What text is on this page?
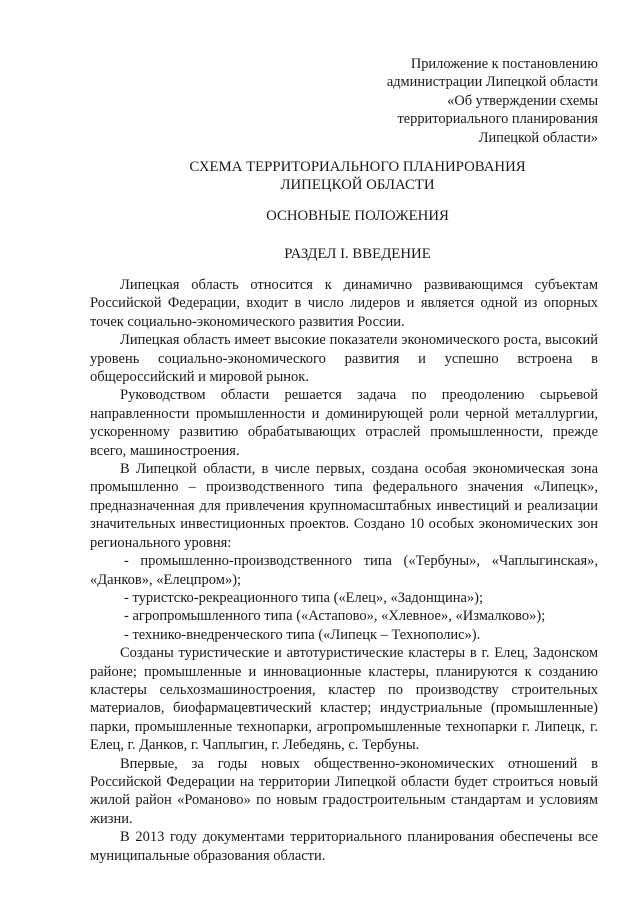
Приложение к постановлению
администрации Липецкой области
«Об утверждении схемы
территориального планирования
Липецкой области»
СХЕМА ТЕРРИТОРИАЛЬНОГО ПЛАНИРОВАНИЯ
ЛИПЕЦКОЙ ОБЛАСТИ
ОСНОВНЫЕ ПОЛОЖЕНИЯ
РАЗДЕЛ I. ВВЕДЕНИЕ

Липецкая область относится к динамично развивающимся субъектам Российской Федерации, входит в число лидеров и является одной из опорных точек социально-экономического развития России.

Липецкая область имеет высокие показатели экономического роста, высокий уровень социально-экономического развития и успешно встроена в общероссийский и мировой рынок.

Руководством области решается задача по преодолению сырьевой направленности промышленности и доминирующей роли черной металлургии, ускоренному развитию обрабатывающих отраслей промышленности, прежде всего, машиностроения.

В Липецкой области, в числе первых, создана особая экономическая зона промышленно – производственного типа федерального значения «Липецк», предназначенная для привлечения крупномасштабных инвестиций и реализации значительных инвестиционных проектов. Создано 10 особых экономических зон регионального уровня:

- промышленно-производственного типа («Тербуны», «Чаплыгинская», «Данков», «Елецпром»);

- туристско-рекреационного типа («Елец», «Задонщина»);

- агропромышленного типа («Астапово», «Хлевное», «Измалково»);

- технико-внедренческого типа («Липецк – Технополис»).

Созданы туристические и автотуристические кластеры в г. Елец, Задонском районе; промышленные и инновационные кластеры, планируются к созданию кластеры сельхозмашиностроения, кластер по производству строительных материалов, биофармацевтический кластер; индустриальные (промышленные) парки, промышленные технопарки, агропромышленные технопарки г. Липецк, г. Елец, г. Данков, г. Чаплыгин, г. Лебедянь, с. Тербуны.

Впервые, за годы новых общественно-экономических отношений в Российской Федерации на территории Липецкой области будет строиться новый жилой район «Романово» по новым градостроительным стандартам и условиям жизни.

В 2013 году документами территориального планирования обеспечены все муниципальные образования области.
